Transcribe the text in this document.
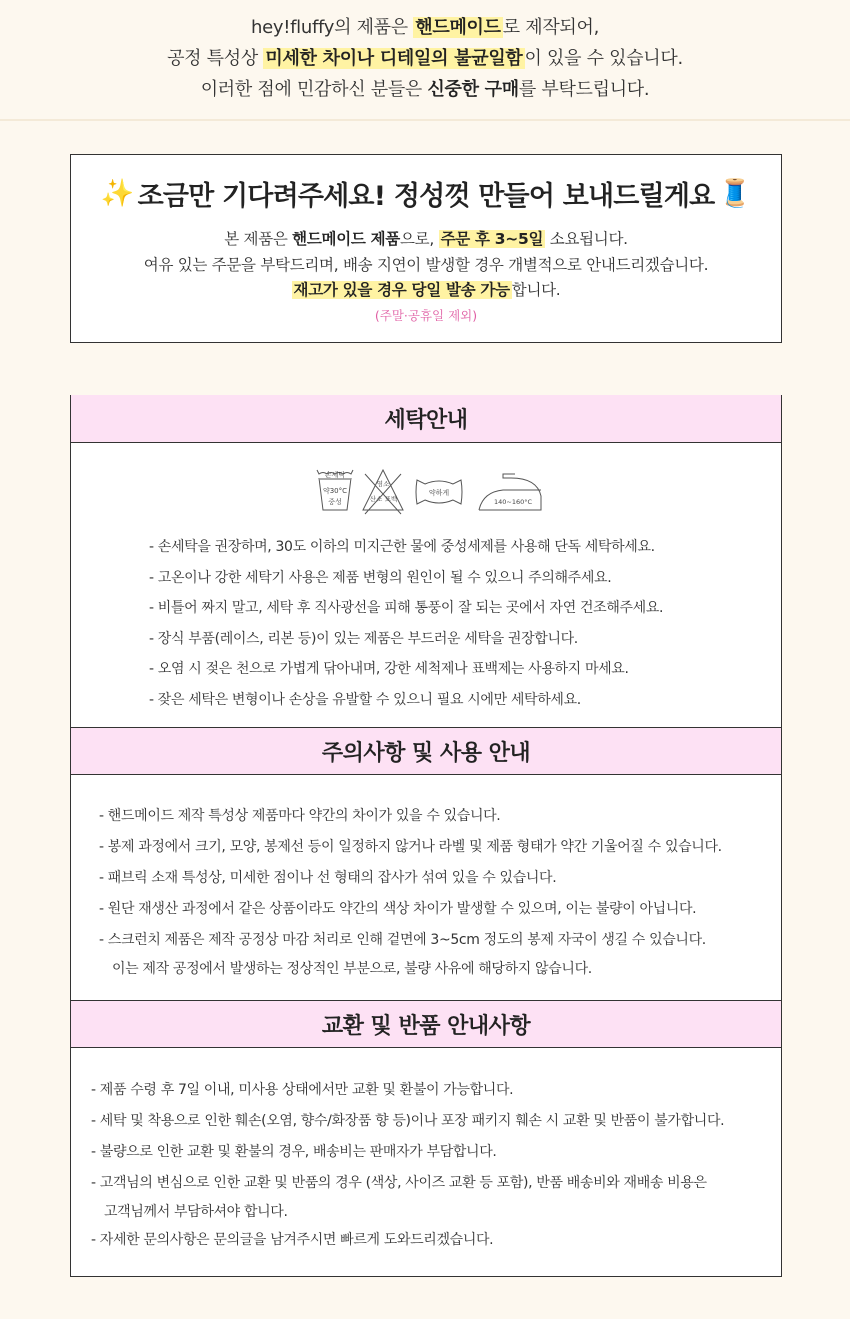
hey!fluffy의 제품은 핸드메이드 로 제작되어,

공정 특성상 미세한 차이나 디테일의 불균일함 이 있을 수 있습니다.

이러한 점에 민감하신 분들은 신중한 구매를 부탁드립니다.

✨ 조금만 기다려주세요! 정성껏 만들어 보내드릴게요 🧵

본 제품은 핸드메이드 제품으로, 주문 후 3~5일 소요됩니다.

여유 있는 주문을 부탁드리며, 배송 지연이 발생할 경우 개별적으로 안내드리겠습니다.

재고가 있을 경우 당일 발송 가능 합니다.

(주말·공휴일 제외)

세탁안내
손세탁
약30°C
중성
염소
산소 표백
약하게
140~160°C
- 손세탁을 권장하며, 30도 이하의 미지근한 물에 중성세제를 사용해 단독 세탁하세요.
- 고온이나 강한 세탁기 사용은 제품 변형의 원인이 될 수 있으니 주의해주세요.
- 비틀어 짜지 말고, 세탁 후 직사광선을 피해 통풍이 잘 되는 곳에서 자연 건조해주세요.
- 장식 부품(레이스, 리본 등)이 있는 제품은 부드러운 세탁을 권장합니다.
- 오염 시 젖은 천으로 가볍게 닦아내며, 강한 세척제나 표백제는 사용하지 마세요.
- 잦은 세탁은 변형이나 손상을 유발할 수 있으니 필요 시에만 세탁하세요.
주의사항 및 사용 안내
- 핸드메이드 제작 특성상 제품마다 약간의 차이가 있을 수 있습니다.
- 봉제 과정에서 크기, 모양, 봉제선 등이 일정하지 않거나 라벨 및 제품 형태가 약간 기울어질 수 있습니다.
- 패브릭 소재 특성상, 미세한 점이나 선 형태의 잡사가 섞여 있을 수 있습니다.
- 원단 재생산 과정에서 같은 상품이라도 약간의 색상 차이가 발생할 수 있으며, 이는 불량이 아닙니다.
- 스크런치 제품은 제작 공정상 마감 처리로 인해 겉면에 3~5cm 정도의 봉제 자국이 생길 수 있습니다.
이는 제작 공정에서 발생하는 정상적인 부분으로, 불량 사유에 해당하지 않습니다.
교환 및 반품 안내사항
- 제품 수령 후 7일 이내, 미사용 상태에서만 교환 및 환불이 가능합니다.
- 세탁 및 착용으로 인한 훼손(오염, 향수/화장품 향 등)이나 포장 패키지 훼손 시 교환 및 반품이 불가합니다.
- 불량으로 인한 교환 및 환불의 경우, 배송비는 판매자가 부담합니다.
- 고객님의 변심으로 인한 교환 및 반품의 경우 (색상, 사이즈 교환 등 포함), 반품 배송비와 재배송 비용은
고객님께서 부담하셔야 합니다.
- 자세한 문의사항은 문의글을 남겨주시면 빠르게 도와드리겠습니다.
